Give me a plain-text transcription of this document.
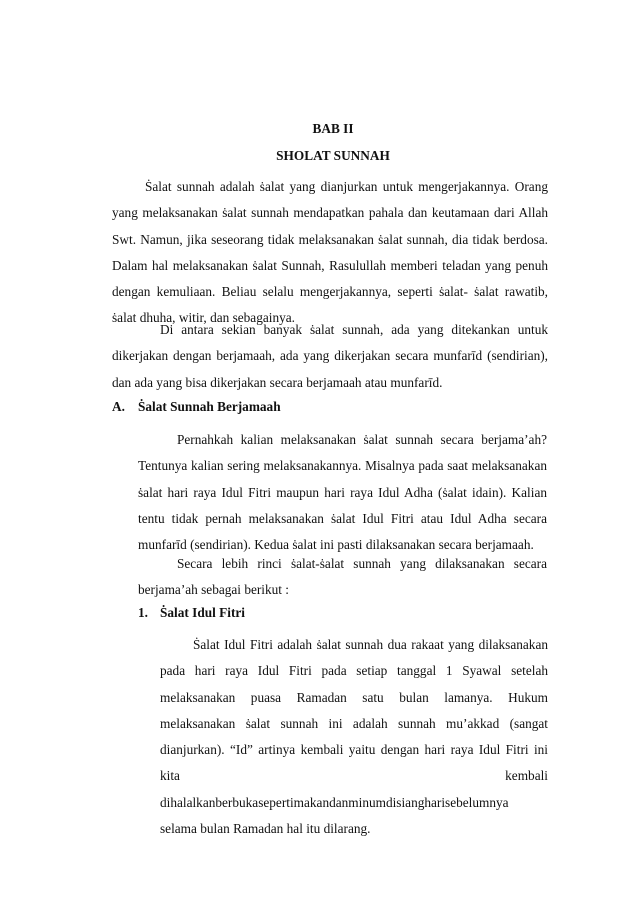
BAB II
SHOLAT SUNNAH

Ṡalat sunnah adalah ṡalat yang dianjurkan untuk mengerjakannya. Orang yang melaksanakan ṡalat sunnah mendapatkan pahala dan keutamaan dari Allah Swt. Namun, jika seseorang tidak melaksanakan ṡalat sunnah, dia tidak berdosa. Dalam hal melaksanakan ṡalat Sunnah, Rasulullah memberi teladan yang penuh dengan kemuliaan. Beliau selalu mengerjakannya, seperti ṡalat- ṡalat rawatib, ṡalat dhuha, witir, dan sebagainya.

Di antara sekian banyak ṡalat sunnah, ada yang ditekankan untuk dikerjakan dengan berjamaah, ada yang dikerjakan secara munfarīd (sendirian), dan ada yang bisa dikerjakan secara berjamaah atau munfarīd.

A. Ṡalat Sunnah Berjamaah

Pernahkah kalian melaksanakan ṡalat sunnah secara berjama’ah? Tentunya kalian sering melaksanakannya. Misalnya pada saat melaksanakan ṡalat hari raya Idul Fitri maupun hari raya Idul Adha (ṡalat idain). Kalian tentu tidak pernah melaksanakan ṡalat Idul Fitri atau Idul Adha secara munfarīd (sendirian). Kedua ṡalat ini pasti dilaksanakan secara berjamaah.

Secara lebih rinci ṡalat-ṡalat sunnah yang dilaksanakan secara berjama’ah sebagai berikut :

1. Ṡalat Idul Fitri

Ṡalat Idul Fitri adalah ṡalat sunnah dua rakaat yang dilaksanakan pada hari raya Idul Fitri pada setiap tanggal 1 Syawal setelah melaksanakan puasa Ramadan satu bulan lamanya. Hukum melaksanakan ṡalat sunnah ini adalah sunnah mu’akkad (sangat dianjurkan). “Id” artinya kembali yaitu dengan hari raya Idul Fitri ini kita kembali dihalalkanberbukasepertimakandanminumdisiangharisebelumnya selama bulan Ramadan hal itu dilarang.
